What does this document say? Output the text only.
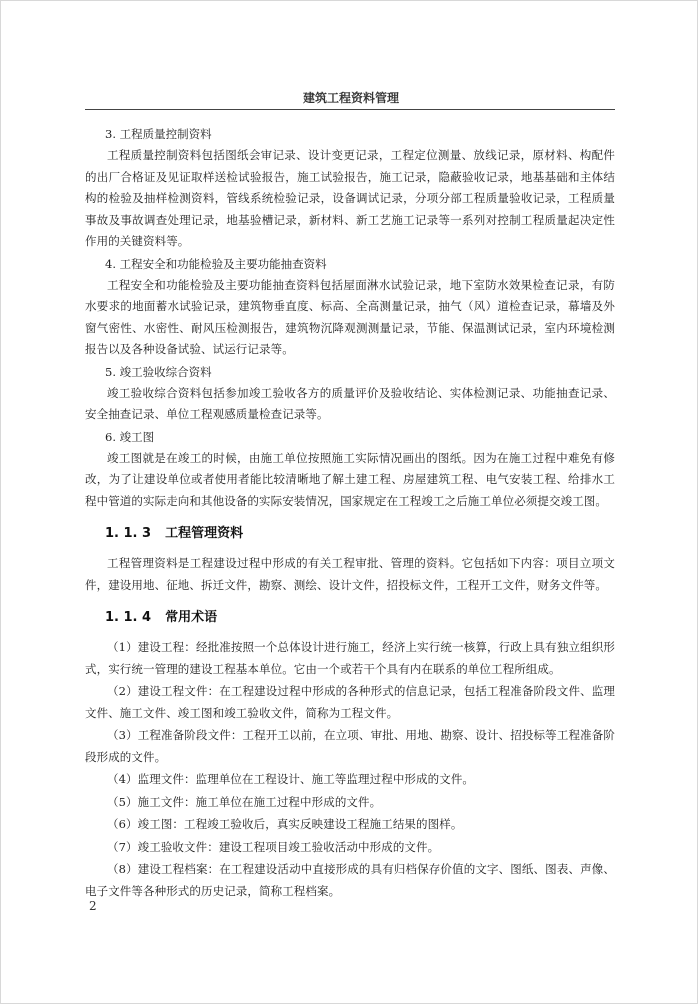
建筑工程资料管理

3. 工程质量控制资料

工程质量控制资料包括图纸会审记录、设计变更记录，工程定位测量、放线记录，原材料、构配件的出厂合格证及见证取样送检试验报告，施工试验报告，施工记录，隐蔽验收记录，地基基础和主体结构的检验及抽样检测资料，管线系统检验记录，设备调试记录，分项分部工程质量验收记录，工程质量事故及事故调查处理记录，地基验槽记录，新材料、新工艺施工记录等一系列对控制工程质量起决定性作用的关键资料等。

4. 工程安全和功能检验及主要功能抽查资料

工程安全和功能检验及主要功能抽查资料包括屋面淋水试验记录，地下室防水效果检查记录，有防水要求的地面蓄水试验记录，建筑物垂直度、标高、全高测量记录，抽气（风）道检查记录，幕墙及外窗气密性、水密性、耐风压检测报告，建筑物沉降观测测量记录，节能、保温测试记录，室内环境检测报告以及各种设备试验、试运行记录等。

5. 竣工验收综合资料

竣工验收综合资料包括参加竣工验收各方的质量评价及验收结论、实体检测记录、功能抽查记录、安全抽查记录、单位工程观感质量检查记录等。

6. 竣工图

竣工图就是在竣工的时候，由施工单位按照施工实际情况画出的图纸。因为在施工过程中难免有修改，为了让建设单位或者使用者能比较清晰地了解土建工程、房屋建筑工程、电气安装工程、给排水工程中管道的实际走向和其他设备的实际安装情况，国家规定在工程竣工之后施工单位必须提交竣工图。

1. 1. 3 工程管理资料

工程管理资料是工程建设过程中形成的有关工程审批、管理的资料。它包括如下内容：项目立项文件，建设用地、征地、拆迁文件，勘察、测绘、设计文件，招投标文件，工程开工文件，财务文件等。

1. 1. 4 常用术语

（1）建设工程：经批准按照一个总体设计进行施工，经济上实行统一核算，行政上具有独立组织形式，实行统一管理的建设工程基本单位。它由一个或若干个具有内在联系的单位工程所组成。

（2）建设工程文件：在工程建设过程中形成的各种形式的信息记录，包括工程准备阶段文件、监理文件、施工文件、竣工图和竣工验收文件，简称为工程文件。

（3）工程准备阶段文件：工程开工以前，在立项、审批、用地、勘察、设计、招投标等工程准备阶段形成的文件。

（4）监理文件：监理单位在工程设计、施工等监理过程中形成的文件。

（5）施工文件：施工单位在施工过程中形成的文件。

（6）竣工图：工程竣工验收后，真实反映建设工程施工结果的图样。

（7）竣工验收文件：建设工程项目竣工验收活动中形成的文件。

（8）建设工程档案：在工程建设活动中直接形成的具有归档保存价值的文字、图纸、图表、声像、电子文件等各种形式的历史记录，简称工程档案。

2
